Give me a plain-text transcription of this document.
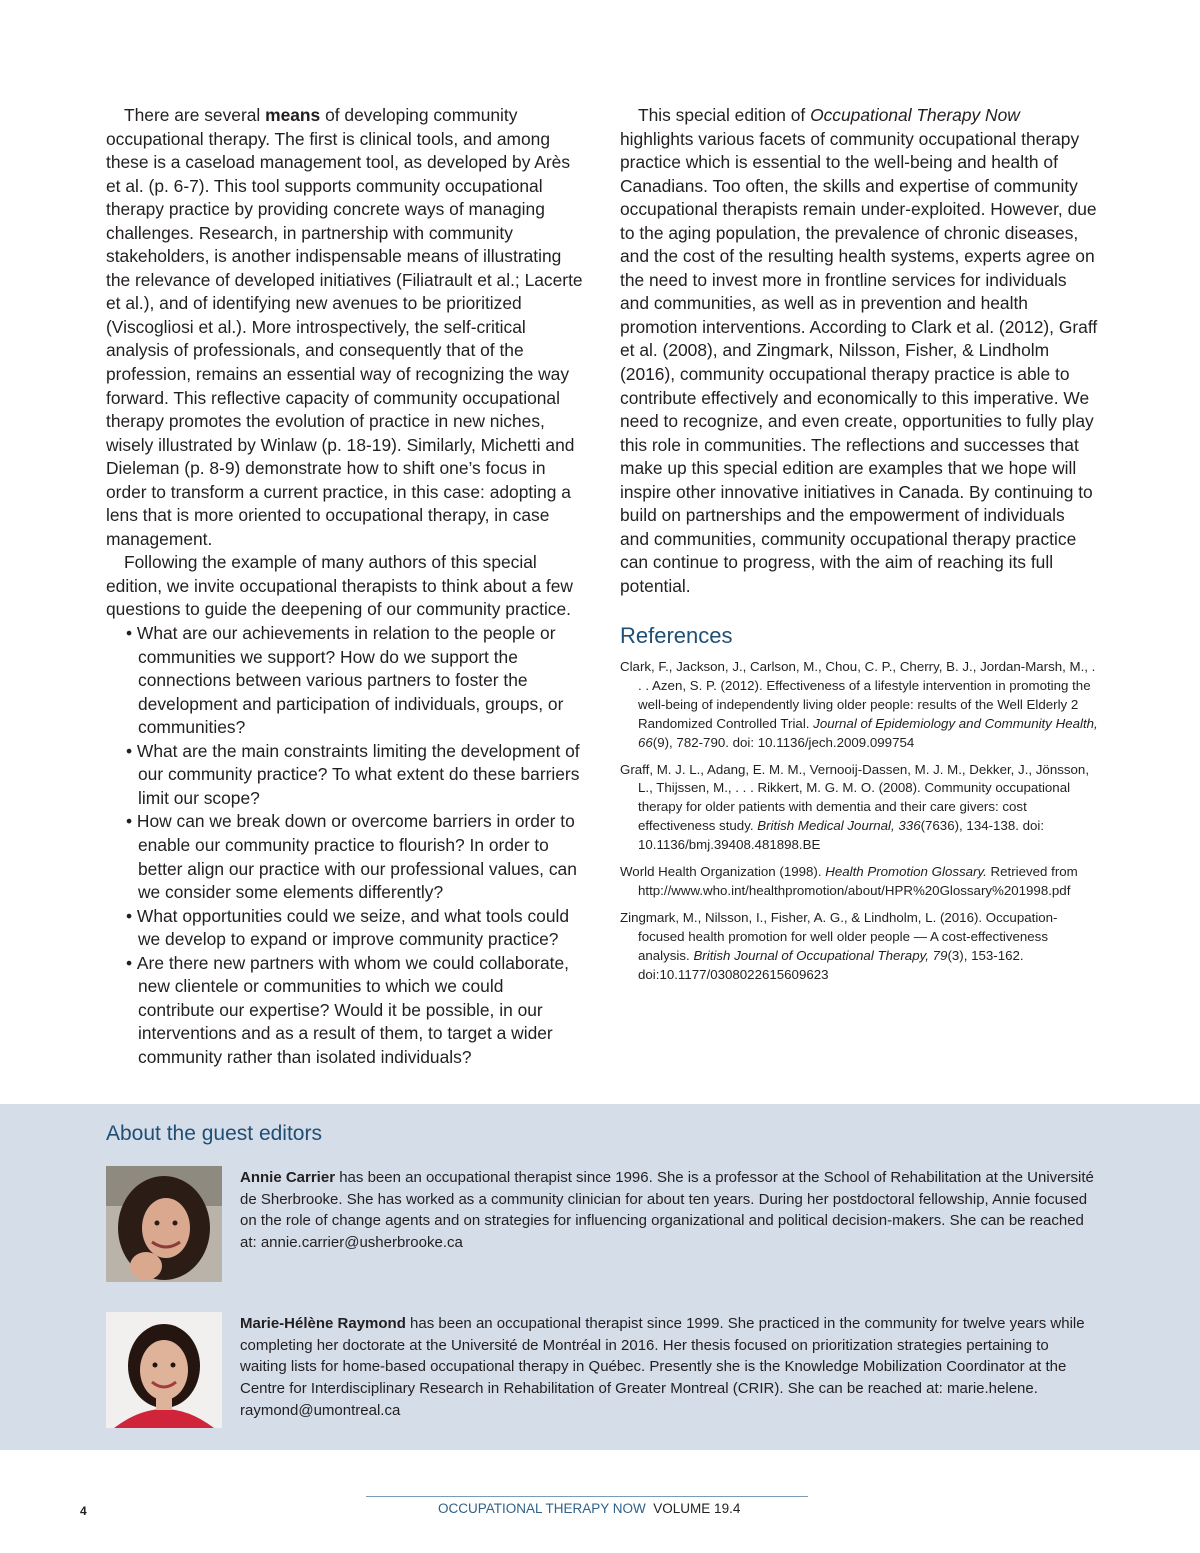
There are several means of developing community occupational therapy. The first is clinical tools, and among these is a caseload management tool, as developed by Arès et al. (p. 6-7). This tool supports community occupational therapy practice by providing concrete ways of managing challenges. Research, in partnership with community stakeholders, is another indispensable means of illustrating the relevance of developed initiatives (Filiatrault et al.; Lacerte et al.), and of identifying new avenues to be prioritized (Viscogliosi et al.). More introspectively, the self-critical analysis of professionals, and consequently that of the profession, remains an essential way of recognizing the way forward. This reflective capacity of community occupational therapy promotes the evolution of practice in new niches, wisely illustrated by Winlaw (p. 18-19). Similarly, Michetti and Dieleman (p. 8-9) demonstrate how to shift one’s focus in order to transform a current practice, in this case: adopting a lens that is more oriented to occupational therapy, in case management.

Following the example of many authors of this special edition, we invite occupational therapists to think about a few questions to guide the deepening of our community practice.

• What are our achievements in relation to the people or communities we support? How do we support the connections between various partners to foster the development and participation of individuals, groups, or communities?
• What are the main constraints limiting the development of our community practice? To what extent do these barriers limit our scope?
• How can we break down or overcome barriers in order to enable our community practice to flourish? In order to better align our practice with our professional values, can we consider some elements differently?
• What opportunities could we seize, and what tools could we develop to expand or improve community practice?
• Are there new partners with whom we could collaborate, new clientele or communities to which we could contribute our expertise? Would it be possible, in our interventions and as a result of them, to target a wider community rather than isolated individuals?

This special edition of Occupational Therapy Now highlights various facets of community occupational therapy practice which is essential to the well-being and health of Canadians. Too often, the skills and expertise of community occupational therapists remain under-exploited. However, due to the aging population, the prevalence of chronic diseases, and the cost of the resulting health systems, experts agree on the need to invest more in frontline services for individuals and communities, as well as in prevention and health promotion interventions. According to Clark et al. (2012), Graff et al. (2008), and Zingmark, Nilsson, Fisher, & Lindholm (2016), community occupational therapy practice is able to contribute effectively and economically to this imperative. We need to recognize, and even create, opportunities to fully play this role in communities. The reflections and successes that make up this special edition are examples that we hope will inspire other innovative initiatives in Canada. By continuing to build on partnerships and the empowerment of individuals and communities, community occupational therapy practice can continue to progress, with the aim of reaching its full potential.

References
Clark, F., Jackson, J., Carlson, M., Chou, C. P., Cherry, B. J., Jordan-Marsh, M., . . . Azen, S. P. (2012). Effectiveness of a lifestyle intervention in promoting the well-being of independently living older people: results of the Well Elderly 2 Randomized Controlled Trial. Journal of Epidemiology and Community Health, 66(9), 782-790. doi: 10.1136/jech.2009.099754
Graff, M. J. L., Adang, E. M. M., Vernooij-Dassen, M. J. M., Dekker, J., Jönsson, L., Thijssen, M., . . . Rikkert, M. G. M. O. (2008). Community occupational therapy for older patients with dementia and their care givers: cost effectiveness study. British Medical Journal, 336(7636), 134-138. doi: 10.1136/bmj.39408.481898.BE
World Health Organization (1998). Health Promotion Glossary. Retrieved from http://www.who.int/healthpromotion/about/HPR%20Glossary%201998.pdf
Zingmark, M., Nilsson, I., Fisher, A. G., & Lindholm, L. (2016). Occupation-focused health promotion for well older people — A cost-effectiveness analysis. British Journal of Occupational Therapy, 79(3), 153-162. doi:10.1177/0308022615609623
About the guest editors
Annie Carrier has been an occupational therapist since 1996. She is a professor at the School of Rehabilitation at the Université de Sherbrooke. She has worked as a community clinician for about ten years. During her postdoctoral fellowship, Annie focused on the role of change agents and on strategies for influencing organizational and political decision-makers. She can be reached at: annie.carrier@usherbrooke.ca
Marie-Hélène Raymond has been an occupational therapist since 1999. She practiced in the community for twelve years while completing her doctorate at the Université de Montréal in 2016. Her thesis focused on prioritization strategies pertaining to waiting lists for home-based occupational therapy in Québec. Presently she is the Knowledge Mobilization Coordinator at the Centre for Interdisciplinary Research in Rehabilitation of Greater Montreal (CRIR). She can be reached at: marie.helene. raymond@umontreal.ca
4	OCCUPATIONAL THERAPY NOW VOLUME 19.4
